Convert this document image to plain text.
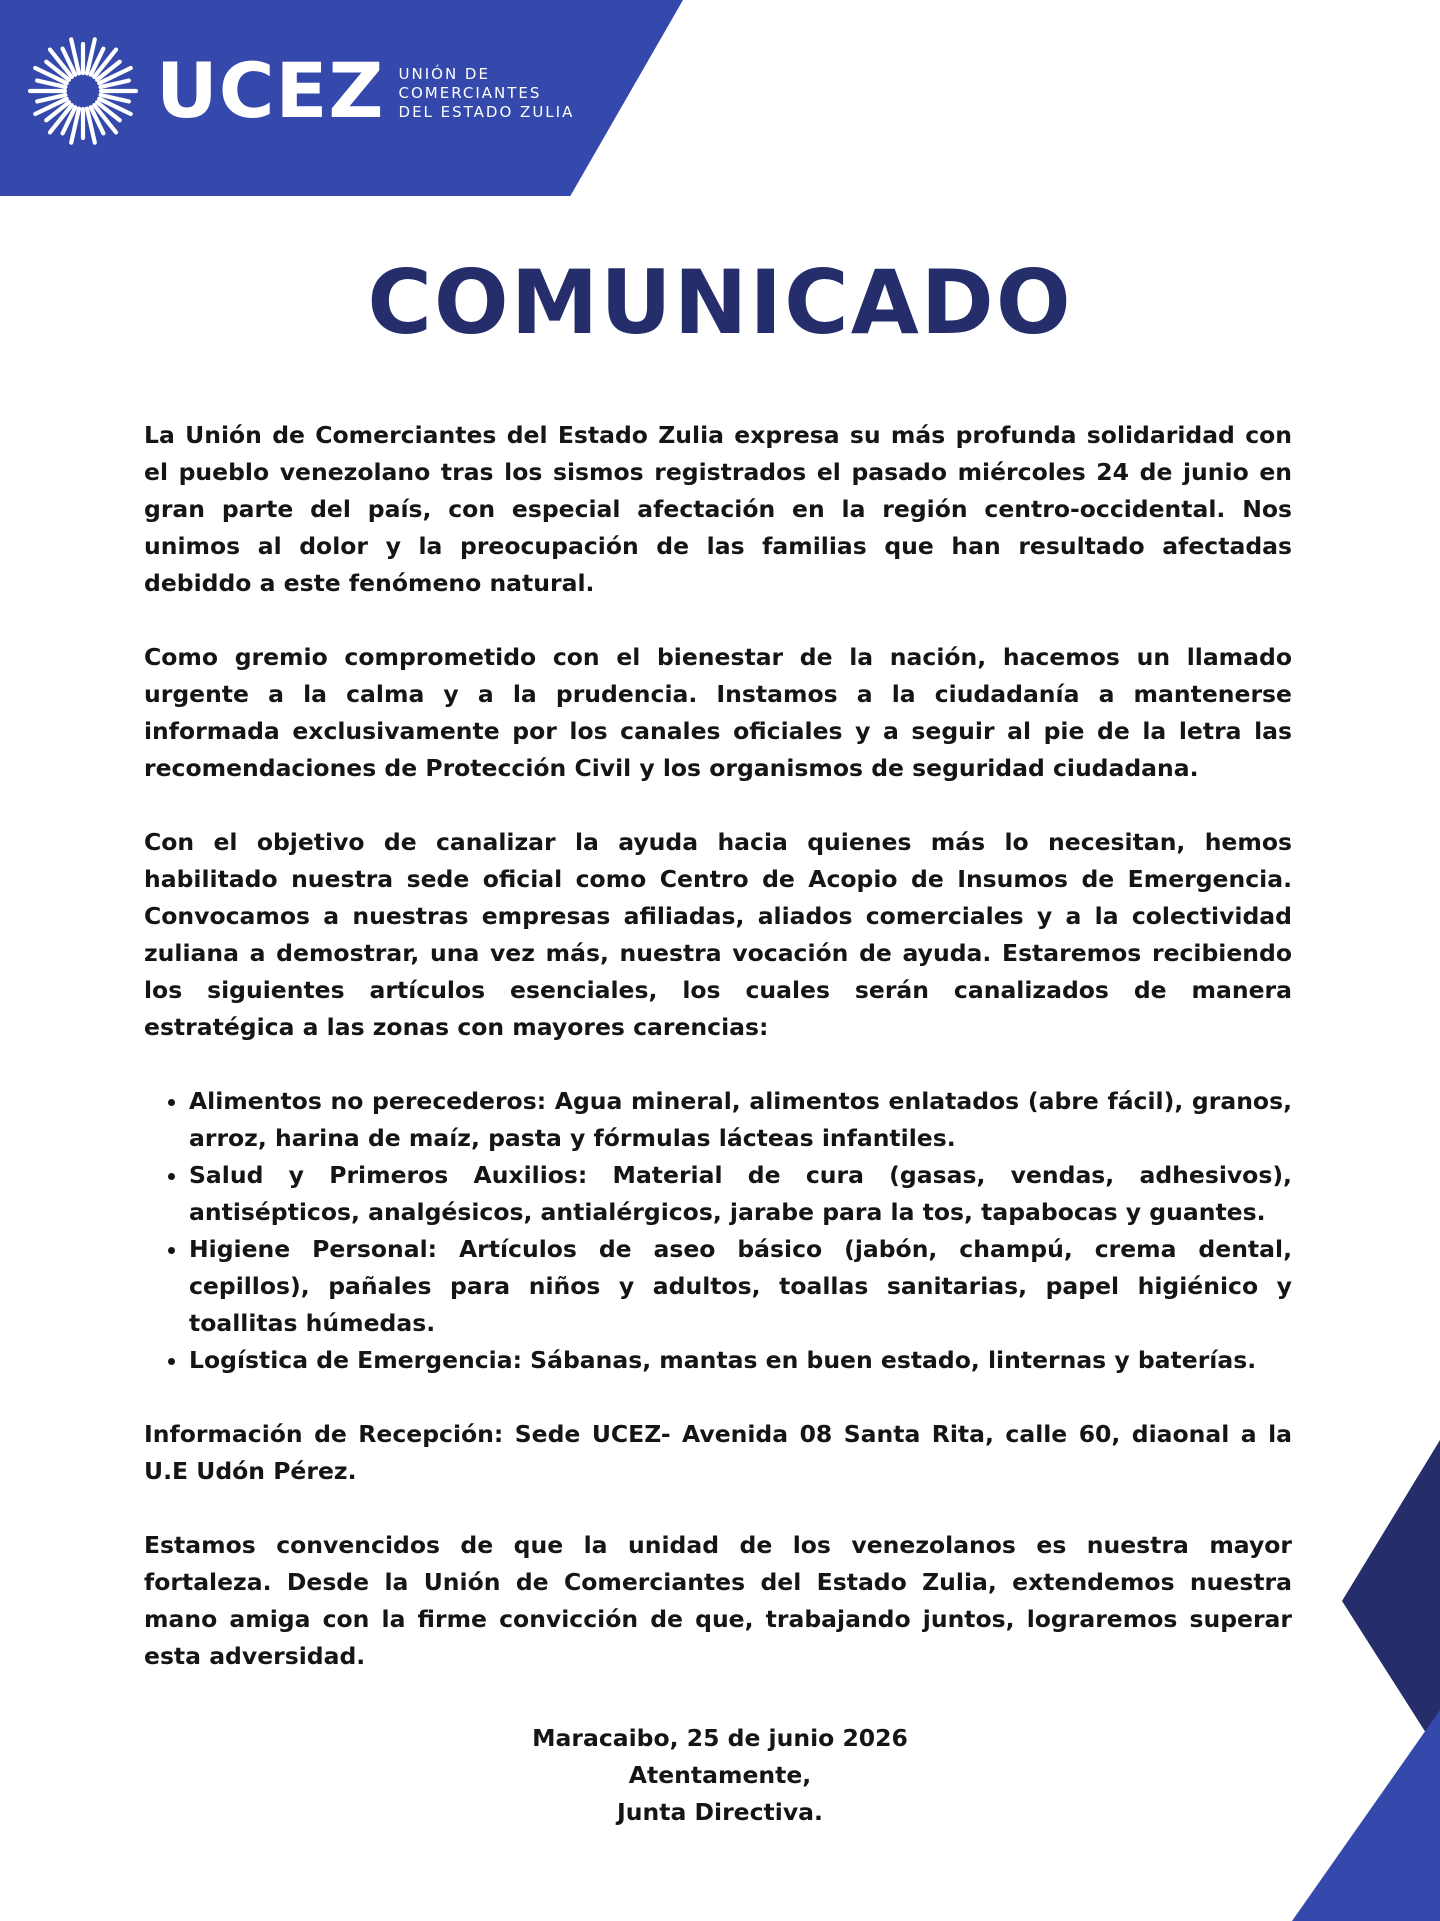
UCEZ UNIÓN DE
COMERCIANTES
DEL ESTADO ZULIA
COMUNICADO

La Unión de Comerciantes del Estado Zulia expresa su más profunda solidaridad con el pueblo venezolano tras los sismos registrados el pasado miércoles 24 de junio en gran parte del país, con especial afectación en la región centro-occidental. Nos unimos al dolor y la preocupación de las familias que han resultado afectadas debiddo a este fenómeno natural.

Como gremio comprometido con el bienestar de la nación, hacemos un llamado urgente a la calma y a la prudencia. Instamos a la ciudadanía a mantenerse informada exclusivamente por los canales oficiales y a seguir al pie de la letra las recomendaciones de Protección Civil y los organismos de seguridad ciudadana.

Con el objetivo de canalizar la ayuda hacia quienes más lo necesitan, hemos habilitado nuestra sede oficial como Centro de Acopio de Insumos de Emergencia. Convocamos a nuestras empresas afiliadas, aliados comerciales y a la colectividad zuliana a demostrar, una vez más, nuestra vocación de ayuda. Estaremos recibiendo los siguientes artículos esenciales, los cuales serán canalizados de manera estratégica a las zonas con mayores carencias:

• Alimentos no perecederos: Agua mineral, alimentos enlatados (abre fácil), granos, arroz, harina de maíz, pasta y fórmulas lácteas infantiles.
• Salud y Primeros Auxilios: Material de cura (gasas, vendas, adhesivos), antisépticos, analgésicos, antialérgicos, jarabe para la tos, tapabocas y guantes.
• Higiene Personal: Artículos de aseo básico (jabón, champú, crema dental, cepillos), pañales para niños y adultos, toallas sanitarias, papel higiénico y toallitas húmedas.
• Logística de Emergencia: Sábanas, mantas en buen estado, linternas y baterías.

Información de Recepción: Sede UCEZ- Avenida 08 Santa Rita, calle 60, diaonal a la U.E Udón Pérez.

Estamos convencidos de que la unidad de los venezolanos es nuestra mayor fortaleza. Desde la Unión de Comerciantes del Estado Zulia, extendemos nuestra mano amiga con la firme convicción de que, trabajando juntos, lograremos superar esta adversidad.

Maracaibo, 25 de junio 2026
Atentamente,
Junta Directiva.
